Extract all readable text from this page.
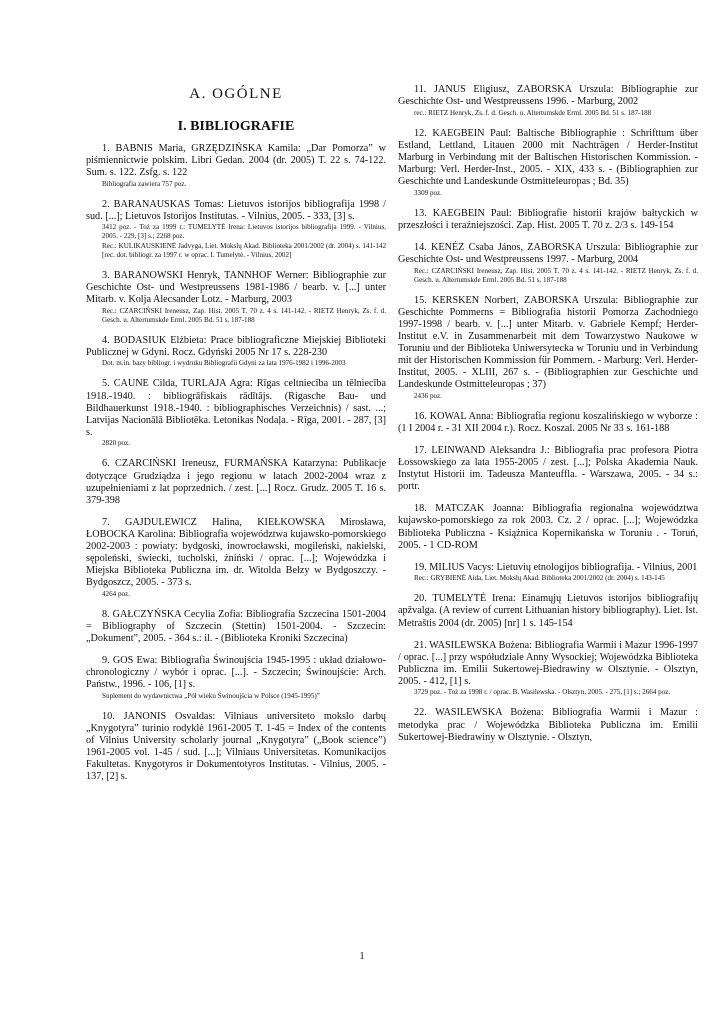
A. OGÓLNE
I. BIBLIOGRAFIE

1. BABNIS Maria, GRZĘDZIŃSKA Kamila: „Dar Pomorza” w piśmiennictwie polskim. Libri Gedan. 2004 (dr. 2005) T. 22 s. 74-122. Sum. s. 122. Zsfg. s. 122

Bibliografia zawiera 757 poz.

2. BARANAUSKAS Tomas: Lietuvos istorijos bibliografija 1998 / sud. [...]; Lietuvos Istorijos Institutas. - Vilnius, 2005. - 333, [3] s.

3412 poz. - Toż za 1999 r.: TUMELYTĖ Irena: Lietuvos istorijos bibliografija 1999. - Vilnius, 2005. - 229, [3] s.; 2268 poz.

Rec.: KULIKAUSKIENĖ Jadvyga, Liet. Mokslų Akad. Biblioteka 2001/2002 (dr. 2004) s. 141-142 [rec. dot. bibliogr. za 1997 r. w oprac. I. Tumelytė. - Vilnius, 2002]

3. BARANOWSKI Henryk, TANNHOF Werner: Bibliographie zur Geschichte Ost- und Westpreussens 1981-1986 / bearb. v. [...] unter Mitarb. v. Kolja Alecsander Lotz. - Marburg, 2003

Rec.: CZARCIŃSKI Ireneusz, Zap. Hist. 2005 T. 70 z. 4 s. 141-142. - RIETZ Henryk, Zs. f. d. Gesch. u. Altertumskde Erml. 2005 Bd. 51 s. 187-188

4. BODASIUK Elżbieta: Prace bibliograficzne Miejskiej Biblioteki Publicznej w Gdyni. Rocz. Gdyński 2005 Nr 17 s. 228-230

Dot. m.in. bazy bibliogr. i wydruku Bibliografii Gdyni za lata 1976-1982 i 1996-2003

5. CAUNE Cilda, TURLAJA Agra: Rīgas celtniecība un tēlniecība 1918.-1940. : bibliogrāfiskais rādītājs. (Rigasche Bau- und Bildhauerkunst 1918.-1940. : bibliographisches Verzeichnis) / sast. ...; Latvijas Nacionālā Bibliotēka. Letonikas Nodaļa. - Rīga, 2001. - 287, [3] s.

2820 poz.

6. CZARCIŃSKI Ireneusz, FURMAŃSKA Katarzyna: Publikacje dotyczące Grudziądza i jego regionu w latach 2002-2004 wraz z uzupełnieniami z lat poprzednich. / zest. [...] Rocz. Grudz. 2005 T. 16 s. 379-398

7. GAJDULEWICZ Halina, KIEŁKOWSKA Mirosława, ŁOBOCKA Karolina: Bibliografia województwa kujawsko-pomorskiego 2002-2003 : powiaty: bydgoski, inowrocławski, mogileński, nakielski, sępoleński, świecki, tucholski, żniński / oprac. [...]; Wojewódzka i Miejska Biblioteka Publiczna im. dr. Witolda Bełzy w Bydgoszczy. - Bydgoszcz, 2005. - 373 s.

4264 poz.

8. GAŁCZYŃSKA Cecylia Zofia: Bibliografia Szczecina 1501-2004 = Bibliography of Szczecin (Stettin) 1501-2004. - Szczecin: „Dokument”, 2005. - 364 s.: il. - (Biblioteka Kroniki Szczecina)

9. GOS Ewa: Bibliografia Świnoujścia 1945-1995 : układ działowo-chronologiczny / wybór i oprac. [...]. - Szczecin; Świnoujście: Arch. Państw., 1996. - 106, [1] s.

Suplement do wydawnictwa „Pół wieku Świnoujścia w Polsce (1945-1995)”

10. JANONIS Osvaldas: Vilniaus universiteto mokslo darbų „Knygotyra” turinio rodyklė 1961-2005 T. 1-45 = Index of the contents of Vilnius University scholarly journal „Knygotyra” („Book science”) 1961-2005 vol. 1-45 / sud. [...]; Vilniaus Universitetas. Komunikacijos Fakultetas. Knygotyros ir Dokumentotyros Institutas. - Vilnius, 2005. - 137, [2] s.

11. JANUS Eligiusz, ZABORSKA Urszula: Bibliographie zur Geschichte Ost- und Westpreussens 1996. - Marburg, 2002

rec.: RIETZ Henryk, Zs. f. d. Gesch. u. Altertumskde Erml. 2005 Bd. 51 s. 187-188

12. KAEGBEIN Paul: Baltische Bibliographie : Schrifttum über Estland, Lettland, Litauen 2000 mit Nachträgen / Herder-Institut Marburg in Verbindung mit der Baltischen Historischen Kommission. - Marburg: Verl. Herder-Inst., 2005. - XIX, 433 s. - (Bibliographien zur Geschichte und Landeskunde Ostmitteleuropas ; Bd. 35)

3309 poz.

13. KAEGBEIN Paul: Bibliografie historii krajów bałtyckich w przeszłości i teraźniejszości. Zap. Hist. 2005 T. 70 z. 2/3 s. 149-154

14. KENÉZ Csaba János, ZABORSKA Urszula: Bibliographie zur Geschichte Ost- und Westpreussens 1997. - Marburg, 2004

Rec.: CZARCIŃSKI Ireneusz, Zap. Hist. 2005 T. 70 z. 4 s. 141-142. - RIETZ Henryk, Zs. f. d. Gesch. u. Altertumskde Erml. 2005 Bd. 51 s. 187-188

15. KERSKEN Norbert, ZABORSKA Urszula: Bibliographie zur Geschichte Pommerns = Bibliografia historii Pomorza Zachodniego 1997-1998 / bearb. v. [...] unter Mitarb. v. Gabriele Kempf; Herder-Institut e.V. in Zusammenarbeit mit dem Towarzystwo Naukowe w Toruniu und der Biblioteka Uniwersytecka w Toruniu und in Verbindung mit der Historischen Kommission für Pommern. - Marburg: Verl. Herder-Institut, 2005. - XLIII, 267 s. - (Bibliographien zur Geschichte und Landeskunde Ostmitteleuropas ; 37)

2436 poz.

16. KOWAL Anna: Bibliografia regionu koszalińskiego w wyborze : (1 I 2004 r. - 31 XII 2004 r.). Rocz. Koszal. 2005 Nr 33 s. 161-188

17. LEINWAND Aleksandra J.: Bibliografia prac profesora Piotra Łossowskiego za lata 1955-2005 / zest. [...]; Polska Akademia Nauk. Instytut Historii im. Tadeusza Manteuffla. - Warszawa, 2005. - 34 s.: portr.

18. MATCZAK Joanna: Bibliografia regionalna województwa kujawsko-pomorskiego za rok 2003. Cz. 2 / oprac. [...]; Wojewódzka Biblioteka Publiczna - Książnica Kopernikańska w Toruniu . - Toruń, 2005. - 1 CD-ROM

19. MILIUS Vacys: Lietuvių etnologijos bibliografija. - Vilnius, 2001

Rec.: GRYBIENĖ Aida, Liet. Mokslų Akad. Biblioteka 2001/2002 (dr. 2004) s. 143-145

20. TUMELYTĖ Irena: Einamųjų Lietuvos istorijos bibliografijų apžvalga. (A review of current Lithuanian history bibliography). Liet. Ist. Metraštis 2004 (dr. 2005) [nr] 1 s. 145-154

21. WASILEWSKA Bożena: Bibliografia Warmii i Mazur 1996-1997 / oprac. [...] przy współudziale Anny Wysockiej; Wojewódzka Biblioteka Publiczna im. Emilii Sukertowej-Biedrawiny w Olsztynie. - Olsztyn, 2005. - 412, [1] s.

3729 poz. - Toż za 1998 r. / oprac. B. Wasilewska. - Olsztyn, 2005. - 275, [1] s.; 2664 poz.

22. WASILEWSKA Bożena: Bibliografia Warmii i Mazur : metodyka prac / Wojewódzka Biblioteka Publiczna im. Emilii Sukertowej-Biedrawiny w Olsztynie. - Olsztyn,

1
